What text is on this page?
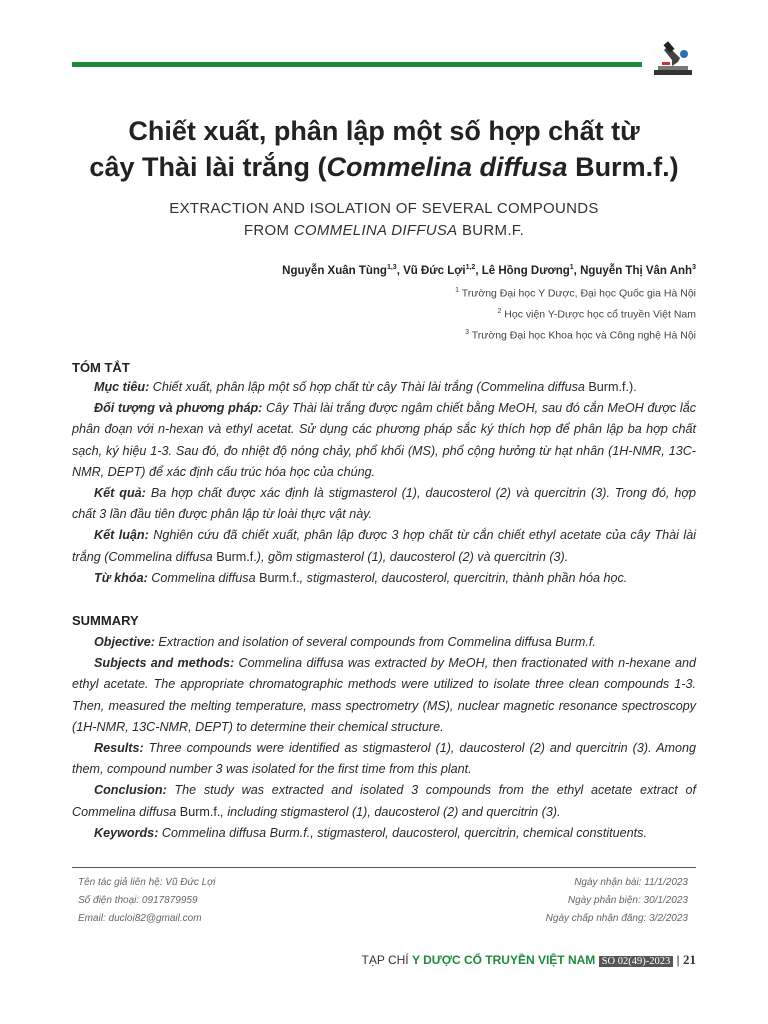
Chiết xuất, phân lập một số hợp chất từ
cây Thài lài trắng (Commelina diffusa Burm.f.)
EXTRACTION AND ISOLATION OF SEVERAL COMPOUNDS
FROM COMMELINA DIFFUSA BURM.F.
Nguyễn Xuân Tùng$^{1,3}$, Vũ Đức Lợi$^{1,2}$, Lê Hồng Dương$^1$, Nguyễn Thị Vân Anh$^3$
$^1$ Trường Đại học Y Dược, Đại học Quốc gia Hà Nội
$^2$ Học viện Y-Dược học cổ truyền Việt Nam
$^3$ Trường Đại học Khoa học và Công nghệ Hà Nội
TÓM TẮT
Mục tiêu: Chiết xuất, phân lập một số hợp chất từ cây Thài lài trắng (Commelina diffusa Burm.f.).
Đối tượng và phương pháp: Cây Thài lài trắng được ngâm chiết bằng MeOH, sau đó cắn MeOH được lắc phân đoạn với n-hexan và ethyl acetat. Sử dụng các phương pháp sắc ký thích hợp để phân lập ba hợp chất sạch, ký hiệu 1-3. Sau đó, đo nhiệt độ nóng chảy, phổ khối (MS), phổ cộng hưởng từ hạt nhân (1H-NMR, 13C-NMR, DEPT) để xác định cấu trúc hóa học của chúng.
Kết quả: Ba hợp chất được xác định là stigmasterol (1), daucosterol (2) và quercitrin (3). Trong đó, hợp chất 3 lần đầu tiên được phân lập từ loài thực vật này.
Kết luận: Nghiên cứu đã chiết xuất, phân lập được 3 hợp chất từ cắn chiết ethyl acetate của cây Thài lài trắng (Commelina diffusa Burm.f.), gồm stigmasterol (1), daucosterol (2) và quercitrin (3).
Từ khóa: Commelina diffusa Burm.f., stigmasterol, daucosterol, quercitrin, thành phần hóa học.
SUMMARY
Objective: Extraction and isolation of several compounds from Commelina diffusa Burm.f.
Subjects and methods: Commelina diffusa was extracted by MeOH, then fractionated with n-hexane and ethyl acetate. The appropriate chromatographic methods were utilized to isolate three clean compounds 1-3. Then, measured the melting temperature, mass spectrometry (MS), nuclear magnetic resonance spectroscopy (1H-NMR, 13C-NMR, DEPT) to determine their chemical structure.
Results: Three compounds were identified as stigmasterol (1), daucosterol (2) and quercitrin (3). Among them, compound number 3 was isolated for the first time from this plant.
Conclusion: The study was extracted and isolated 3 compounds from the ethyl acetate extract of Commelina diffusa Burm.f., including stigmasterol (1), daucosterol (2) and quercitrin (3).
Keywords: Commelina diffusa Burm.f., stigmasterol, daucosterol, quercitrin, chemical constituents.
Tên tác giả liên hệ: Vũ Đức Lợi
Số điện thoại: 0917879959
Email: ducloi82@gmail.com
Ngày nhận bài: 11/1/2023
Ngày phản biện: 30/1/2023
Ngày chấp nhận đăng: 3/2/2023
TẠP CHÍ Y DƯỢC CỔ TRUYỀN VIỆT NAM SỐ 02(49)-2023 | 21
